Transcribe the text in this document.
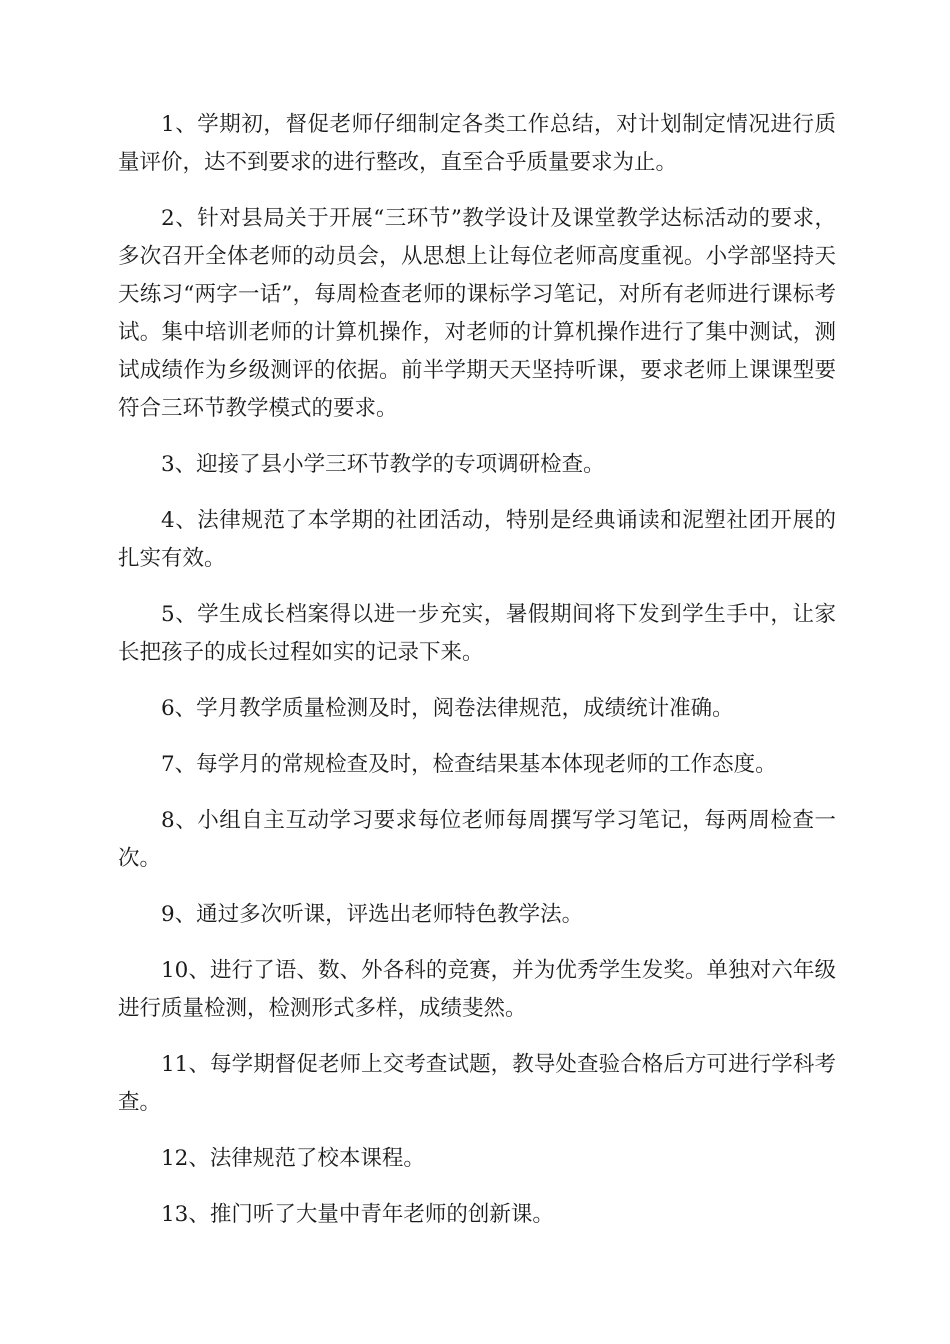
1、学期初，督促老师仔细制定各类工作总结，对计划制定情况进行质量评价，达不到要求的进行整改，直至合乎质量要求为止。

2、针对县局关于开展“三环节”教学设计及课堂教学达标活动的要求，多次召开全体老师的动员会，从思想上让每位老师高度重视。小学部坚持天天练习“两字一话”，每周检查老师的课标学习笔记，对所有老师进行课标考试。集中培训老师的计算机操作，对老师的计算机操作进行了集中测试，测试成绩作为乡级测评的依据。前半学期天天坚持听课，要求老师上课课型要符合三环节教学模式的要求。

3、迎接了县小学三环节教学的专项调研检查。

4、法律规范了本学期的社团活动，特别是经典诵读和泥塑社团开展的扎实有效。

5、学生成长档案得以进一步充实，暑假期间将下发到学生手中，让家长把孩子的成长过程如实的记录下来。

6、学月教学质量检测及时，阅卷法律规范，成绩统计准确。

7、每学月的常规检查及时，检查结果基本体现老师的工作态度。

8、小组自主互动学习要求每位老师每周撰写学习笔记，每两周检查一次。

9、通过多次听课，评选出老师特色教学法。

10、进行了语、数、外各科的竞赛，并为优秀学生发奖。单独对六年级进行质量检测，检测形式多样，成绩斐然。

11、每学期督促老师上交考查试题，教导处查验合格后方可进行学科考查。

12、法律规范了校本课程。

13、推门听了大量中青年老师的创新课。
